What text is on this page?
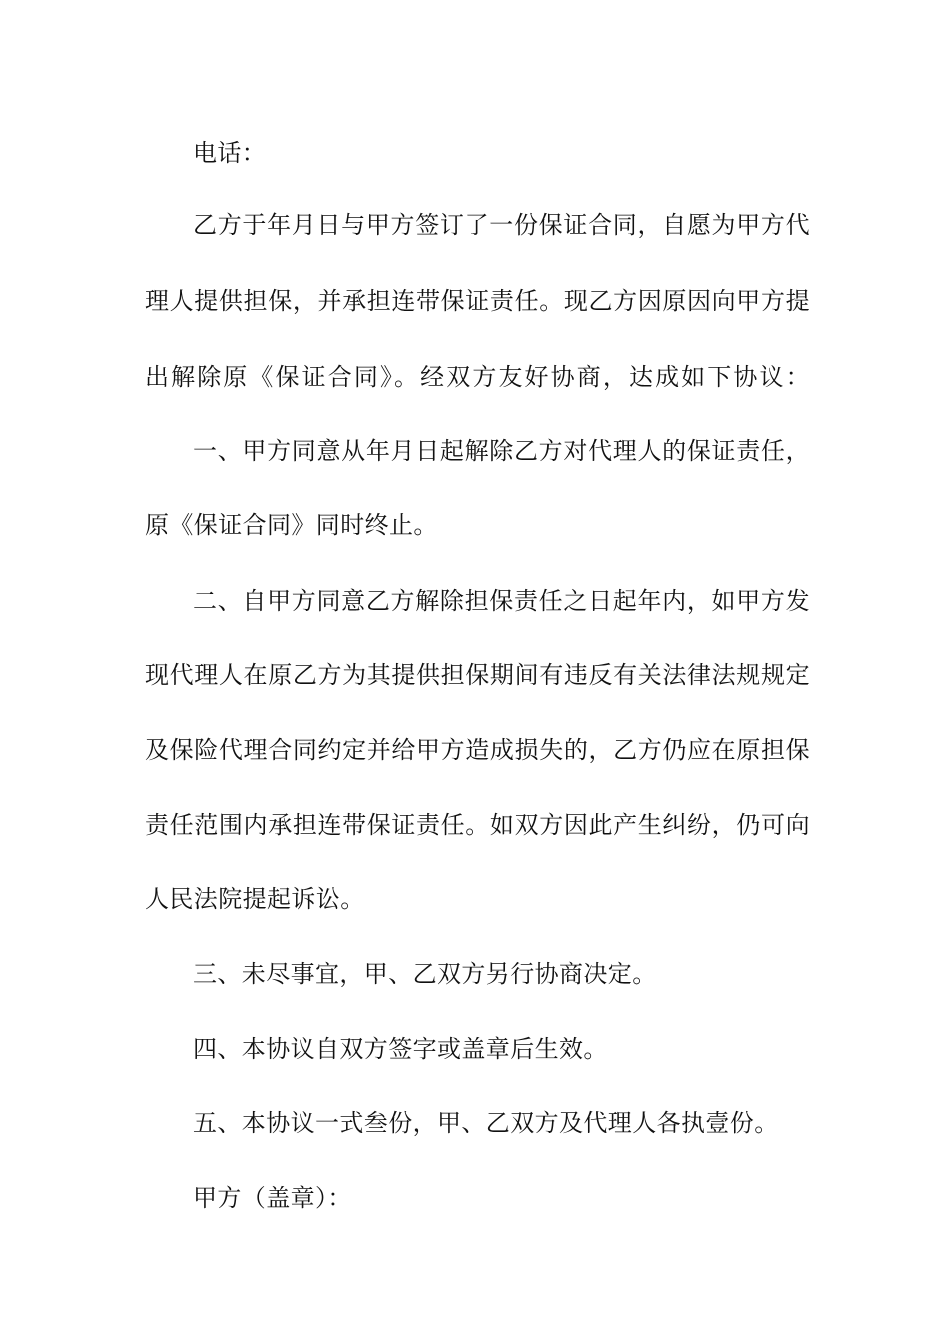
电话：
乙方于年月日与甲方签订了一份保证合同，自愿为甲方代
理人提供担保，并承担连带保证责任。现乙方因原因向甲方提
出解除原《保证合同》。经双方友好协商，达成如下协议：
一、甲方同意从年月日起解除乙方对代理人的保证责任，
原《保证合同》同时终止。
二、自甲方同意乙方解除担保责任之日起年内，如甲方发
现代理人在原乙方为其提供担保期间有违反有关法律法规规定
及保险代理合同约定并给甲方造成损失的，乙方仍应在原担保
责任范围内承担连带保证责任。如双方因此产生纠纷，仍可向
人民法院提起诉讼。
三、未尽事宜，甲、乙双方另行协商决定。
四、本协议自双方签字或盖章后生效。
五、本协议一式叁份，甲、乙双方及代理人各执壹份。
甲方（盖章）：
